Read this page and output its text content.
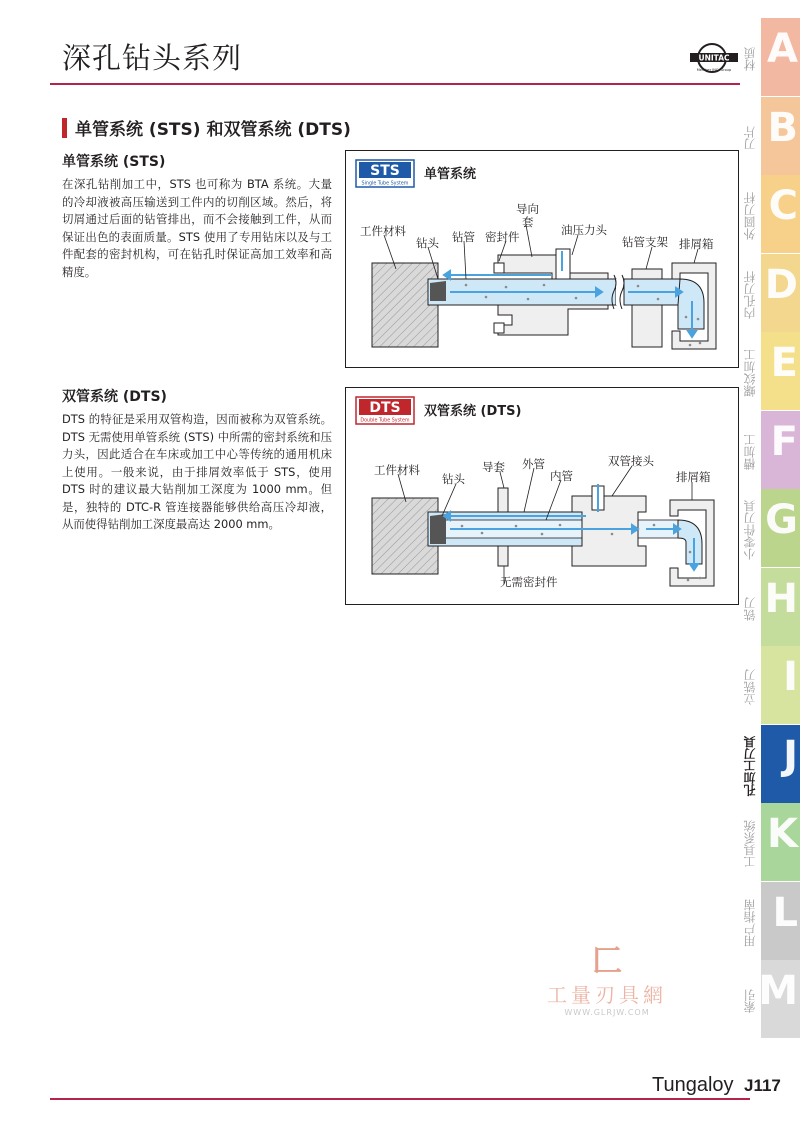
深孔钻头系列	UNITAC
Member INC. Group
单管系统 (STS) 和双管系统 (DTS)
单管系统 (STS)
在深孔钻削加工中，STS 也可称为 BTA 系统。大量的冷却液被高压输送到工件内的切削区域。然后，将切屑通过后面的钻管排出，而不会接触到工件，从而保证出色的表面质量。STS 使用了专用钻床以及与工件配套的密封机构，可在钻孔时保证高加工效率和高精度。
STS
Single Tube System
单管系统
工件材料
钻头 钻管 密封件
导向
套
油压力头
钻管支架 排屑箱
双管系统 (DTS)
DTS 的特征是采用双管构造，因而被称为双管系统。DTS 无需使用单管系统 (STS) 中所需的密封系统和压力头，因此适合在车床或加工中心等传统的通用机床上使用。一般来说，由于排屑效率低于 STS，使用 DTS 时的建议最大钻削加工深度为 1000 mm。但是，独特的 DTC-R 管连接器能够供给高压冷却液，从而使得钻削加工深度最高达 2000 mm。
DTS
Double Tube System
双管系统 (DTS)
工件材料
钻头
导套 外管
内管
双管接头
排屑箱
无需密封件
A
材质
B
刀片
C
外圆刀杆
D
内孔刀杆
E
螺纹加工
F
槽加工
G
小零件刀具
H
铣刀
I
立铣刀
J
孔加工刀具
K
工具系统
L
用户指南
M
索引
匚
工量刃具網
WWW.GLRJW.COM
Tungaloy J117
